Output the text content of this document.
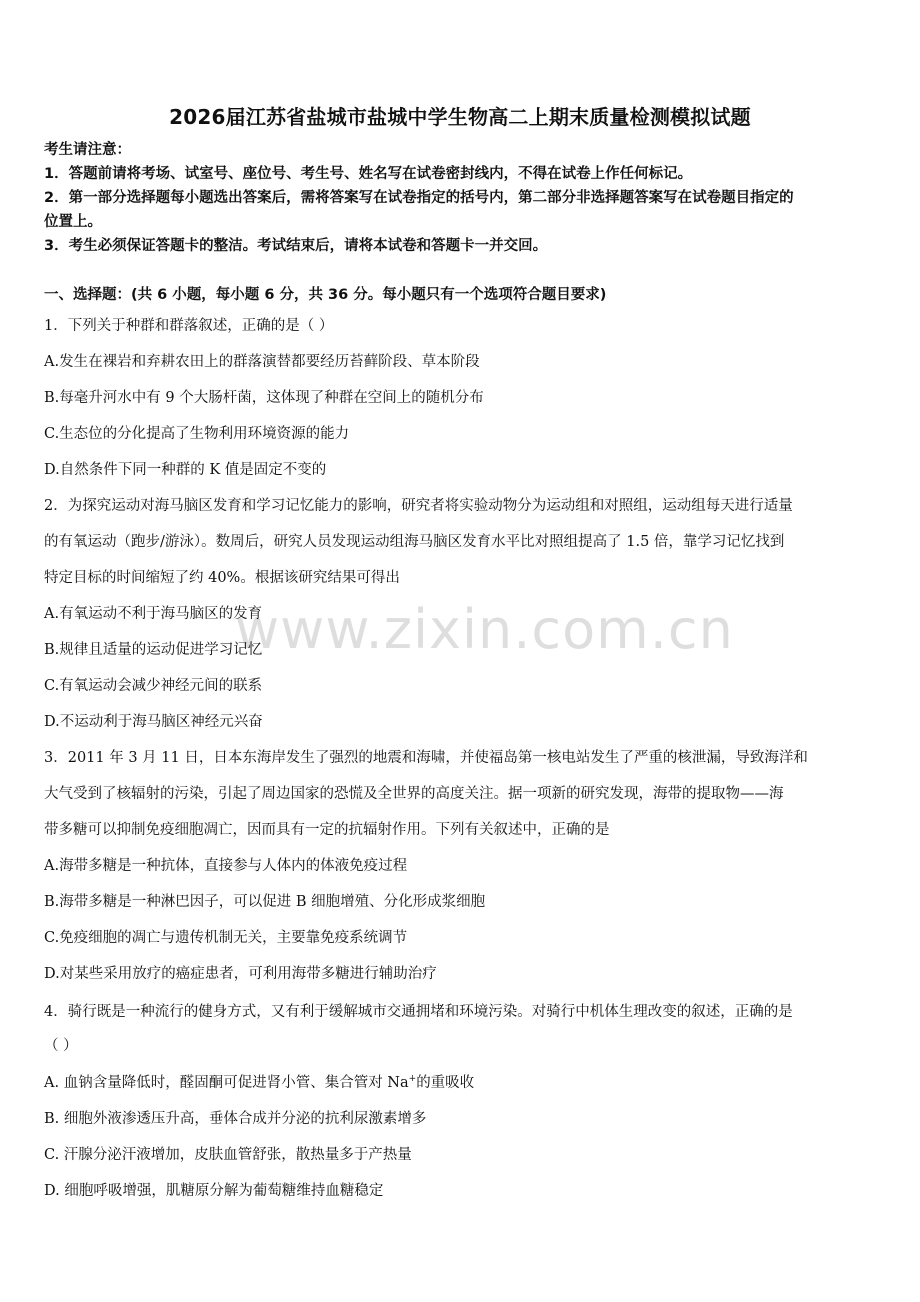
2026届江苏省盐城市盐城中学生物高二上期末质量检测模拟试题
考生请注意：
1．答题前请将考场、试室号、座位号、考生号、姓名写在试卷密封线内，不得在试卷上作任何标记。
2．第一部分选择题每小题选出答案后，需将答案写在试卷指定的括号内，第二部分非选择题答案写在试卷题目指定的
位置上。
3．考生必须保证答题卡的整洁。考试结束后，请将本试卷和答题卡一并交回。
一、选择题：(共 6 小题，每小题 6 分，共 36 分。每小题只有一个选项符合题目要求)
1．下列关于种群和群落叙述，正确的是（ ）
A.发生在裸岩和弃耕农田上的群落演替都要经历苔藓阶段、草本阶段
B.每毫升河水中有 9 个大肠杆菌，这体现了种群在空间上的随机分布
C.生态位的分化提高了生物利用环境资源的能力
D.自然条件下同一种群的 K 值是固定不变的
2．为探究运动对海马脑区发育和学习记忆能力的影响，研究者将实验动物分为运动组和对照组，运动组每天进行适量
的有氧运动（跑步/游泳）。数周后，研究人员发现运动组海马脑区发育水平比对照组提高了 1.5 倍，靠学习记忆找到
特定目标的时间缩短了约 40%。根据该研究结果可得出
A.有氧运动不利于海马脑区的发育
B.规律且适量的运动促进学习记忆
C.有氧运动会减少神经元间的联系
D.不运动利于海马脑区神经元兴奋
3．2011 年 3 月 11 日，日本东海岸发生了强烈的地震和海啸，并使福岛第一核电站发生了严重的核泄漏，导致海洋和
大气受到了核辐射的污染，引起了周边国家的恐慌及全世界的高度关注。据一项新的研究发现，海带的提取物——海
带多糖可以抑制免疫细胞凋亡，因而具有一定的抗辐射作用。下列有关叙述中，正确的是
A.海带多糖是一种抗体，直接参与人体内的体液免疫过程
B.海带多糖是一种淋巴因子，可以促进 B 细胞增殖、分化形成浆细胞
C.免疫细胞的凋亡与遗传机制无关，主要靠免疫系统调节
D.对某些采用放疗的癌症患者，可利用海带多糖进行辅助治疗
4．骑行既是一种流行的健身方式，又有利于缓解城市交通拥堵和环境污染。对骑行中机体生理改变的叙述，正确的是
（ ）
A. 血钠含量降低时，醛固酮可促进肾小管、集合管对 Na+的重吸收
B. 细胞外液渗透压升高，垂体合成并分泌的抗利尿激素增多
C. 汗腺分泌汗液增加，皮肤血管舒张，散热量多于产热量
D. 细胞呼吸增强，肌糖原分解为葡萄糖维持血糖稳定
www.zixin.com.cn
